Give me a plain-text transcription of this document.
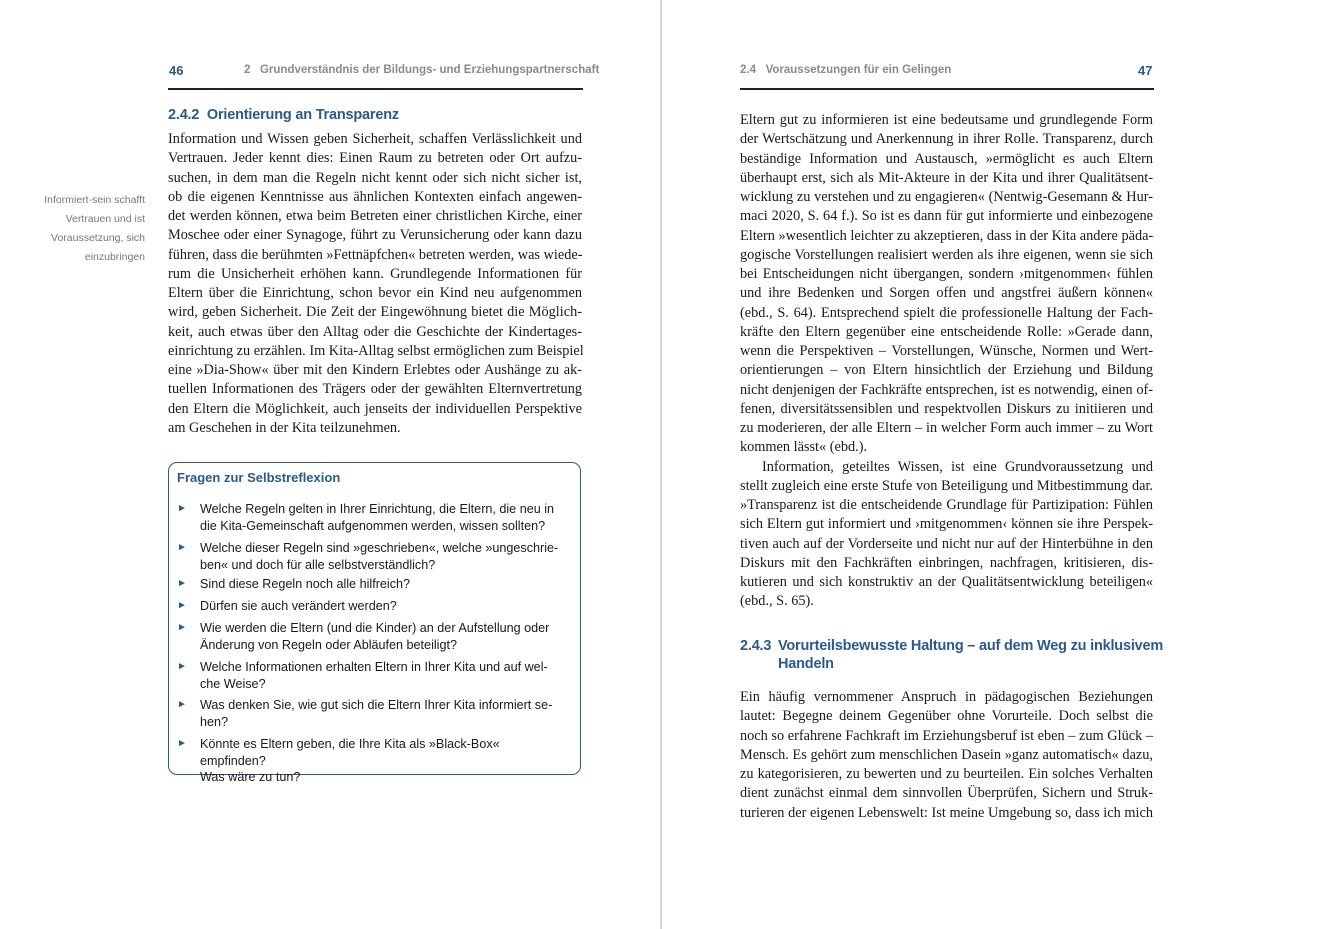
46	2   Grundverständnis der Bildungs- und Erziehungspartnerschaft
2.4.2  Orientierung an Transparenz
Informiert-sein schafft Vertrauen und ist Voraussetzung, sich einzubringen
Information und Wissen geben Sicherheit, schaffen Verlässlichkeit und
Vertrauen. Jeder kennt dies: Einen Raum zu betreten oder Ort aufzu-
suchen, in dem man die Regeln nicht kennt oder sich nicht sicher ist,
ob die eigenen Kenntnisse aus ähnlichen Kontexten einfach angewen-
det werden können, etwa beim Betreten einer christlichen Kirche, einer
Moschee oder einer Synagoge, führt zu Verunsicherung oder kann dazu
führen, dass die berühmten »Fettnäpfchen« betreten werden, was wiede-
rum die Unsicherheit erhöhen kann. Grundlegende Informationen für
Eltern über die Einrichtung, schon bevor ein Kind neu aufgenommen
wird, geben Sicherheit. Die Zeit der Eingewöhnung bietet die Möglich-
keit, auch etwas über den Alltag oder die Geschichte der Kindertages-
einrichtung zu erzählen. Im Kita-Alltag selbst ermöglichen zum Beispiel
eine »Dia-Show« über mit den Kindern Erlebtes oder Aushänge zu ak-
tuellen Informationen des Trägers oder der gewählten Elternvertretung
den Eltern die Möglichkeit, auch jenseits der individuellen Perspektive
am Geschehen in der Kita teilzunehmen.
Fragen zur Selbstreflexion
► Welche Regeln gelten in Ihrer Einrichtung, die Eltern, die neu in
die Kita-Gemeinschaft aufgenommen werden, wissen sollten?
► Welche dieser Regeln sind »geschrieben«, welche »ungeschrie-
ben« und doch für alle selbstverständlich?
► Sind diese Regeln noch alle hilfreich?
► Dürfen sie auch verändert werden?
► Wie werden die Eltern (und die Kinder) an der Aufstellung oder
Änderung von Regeln oder Abläufen beteiligt?
► Welche Informationen erhalten Eltern in Ihrer Kita und auf wel-
che Weise?
► Was denken Sie, wie gut sich die Eltern Ihrer Kita informiert se-
hen?
► Könnte es Eltern geben, die Ihre Kita als »Black-Box« empfinden?
Was wäre zu tun?
2.4   Voraussetzungen für ein Gelingen	47
Eltern gut zu informieren ist eine bedeutsame und grundlegende Form
der Wertschätzung und Anerkennung in ihrer Rolle. Transparenz, durch
beständige Information und Austausch, »ermöglicht es auch Eltern
überhaupt erst, sich als Mit-Akteure in der Kita und ihrer Qualitätsent-
wicklung zu verstehen und zu engagieren« (Nentwig-Gesemann & Hur-
maci 2020, S. 64 f.). So ist es dann für gut informierte und einbezogene
Eltern »wesentlich leichter zu akzeptieren, dass in der Kita andere päda-
gogische Vorstellungen realisiert werden als ihre eigenen, wenn sie sich
bei Entscheidungen nicht übergangen, sondern ›mitgenommen‹ fühlen
und ihre Bedenken und Sorgen offen und angstfrei äußern können«
(ebd., S. 64). Entsprechend spielt die professionelle Haltung der Fach-
kräfte den Eltern gegenüber eine entscheidende Rolle: »Gerade dann,
wenn die Perspektiven – Vorstellungen, Wünsche, Normen und Wert-
orientierungen – von Eltern hinsichtlich der Erziehung und Bildung
nicht denjenigen der Fachkräfte entsprechen, ist es notwendig, einen of-
fenen, diversitätssensiblen und respektvollen Diskurs zu initiieren und
zu moderieren, der alle Eltern – in welcher Form auch immer – zu Wort
kommen lässt« (ebd.).
Information, geteiltes Wissen, ist eine Grundvoraussetzung und
stellt zugleich eine erste Stufe von Beteiligung und Mitbestimmung dar.
»Transparenz ist die entscheidende Grundlage für Partizipation: Fühlen
sich Eltern gut informiert und ›mitgenommen‹ können sie ihre Perspek-
tiven auch auf der Vorderseite und nicht nur auf der Hinterbühne in den
Diskurs mit den Fachkräften einbringen, nachfragen, kritisieren, dis-
kutieren und sich konstruktiv an der Qualitätsentwicklung beteiligen«
(ebd., S. 65).
2.4.3 Vorurteilsbewusste Haltung – auf dem Weg zu inklusivem
Handeln
Ein häufig vernommener Anspruch in pädagogischen Beziehungen
lautet: Begegne deinem Gegenüber ohne Vorurteile. Doch selbst die
noch so erfahrene Fachkraft im Erziehungsberuf ist eben – zum Glück –
Mensch. Es gehört zum menschlichen Dasein »ganz automatisch« dazu,
zu kategorisieren, zu bewerten und zu beurteilen. Ein solches Verhalten
dient zunächst einmal dem sinnvollen Überprüfen, Sichern und Struk-
turieren der eigenen Lebenswelt: Ist meine Umgebung so, dass ich mich
